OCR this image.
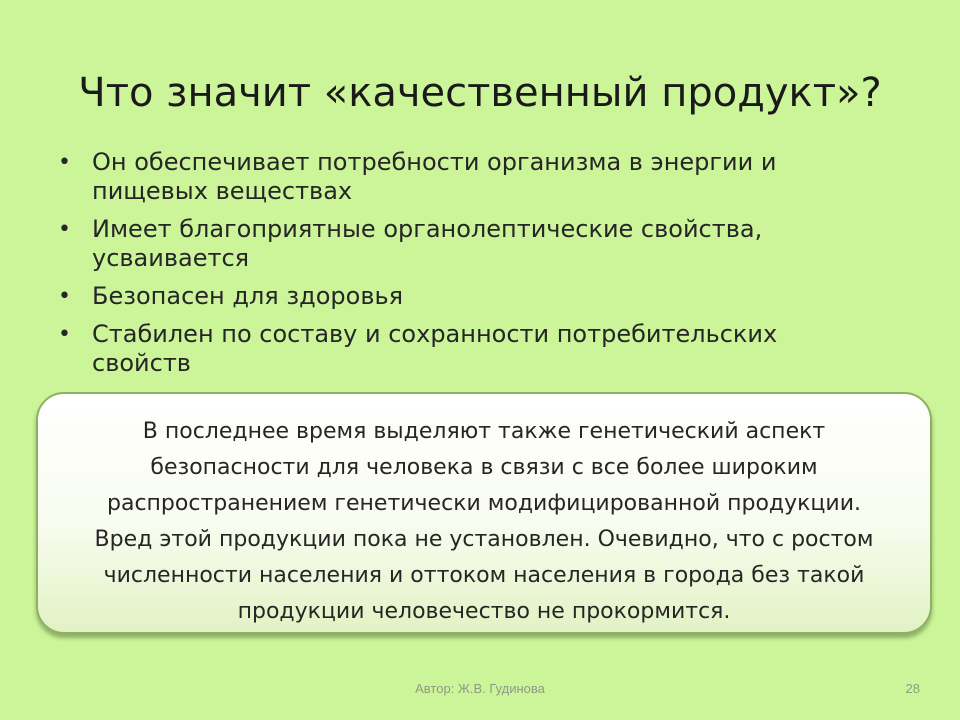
Что значит «качественный продукт»?
• Он обеспечивает потребности организма в энергии и пищевых веществах
• Имеет благоприятные органолептические свойства, усваивается
• Безопасен для здоровья
• Стабилен по составу и сохранности потребительских свойств
В последнее время выделяют также генетический аспект
безопасности для человека в связи с все более широким
распространением генетически модифицированной продукции.
Вред этой продукции пока не установлен. Очевидно, что с ростом
численности населения и оттоком населения в города без такой
продукции человечество не прокормится.
Автор: Ж.В. Гудинова	28
